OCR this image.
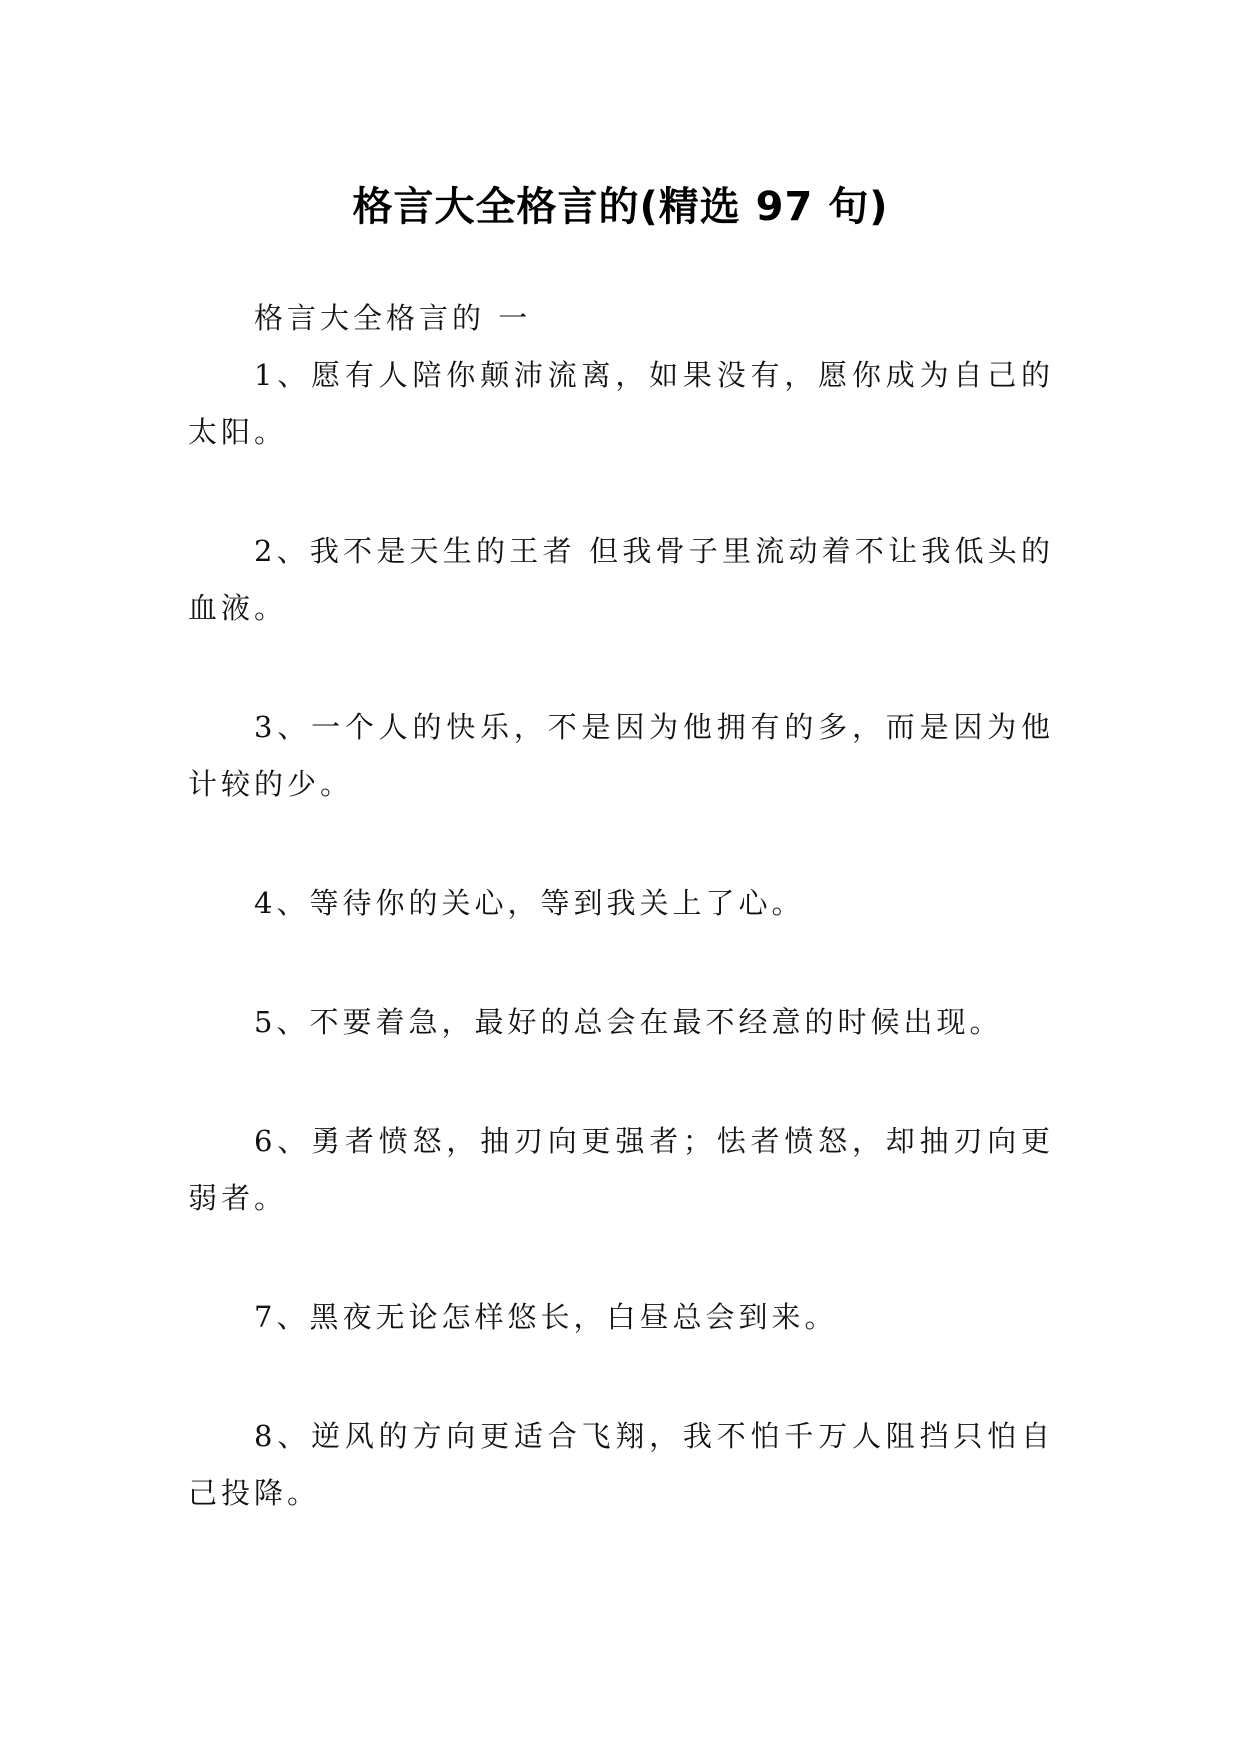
格言大全格言的(精选 97 句)

格言大全格言的 一

1、愿有人陪你颠沛流离，如果没有，愿你成为自己的太阳。

2、我不是天生的王者 但我骨子里流动着不让我低头的血液。

3、一个人的快乐，不是因为他拥有的多，而是因为他计较的少。

4、等待你的关心，等到我关上了心。

5、不要着急，最好的总会在最不经意的时候出现。

6、勇者愤怒，抽刃向更强者；怯者愤怒，却抽刃向更弱者。

7、黑夜无论怎样悠长，白昼总会到来。

8、逆风的方向更适合飞翔，我不怕千万人阻挡只怕自己投降。
